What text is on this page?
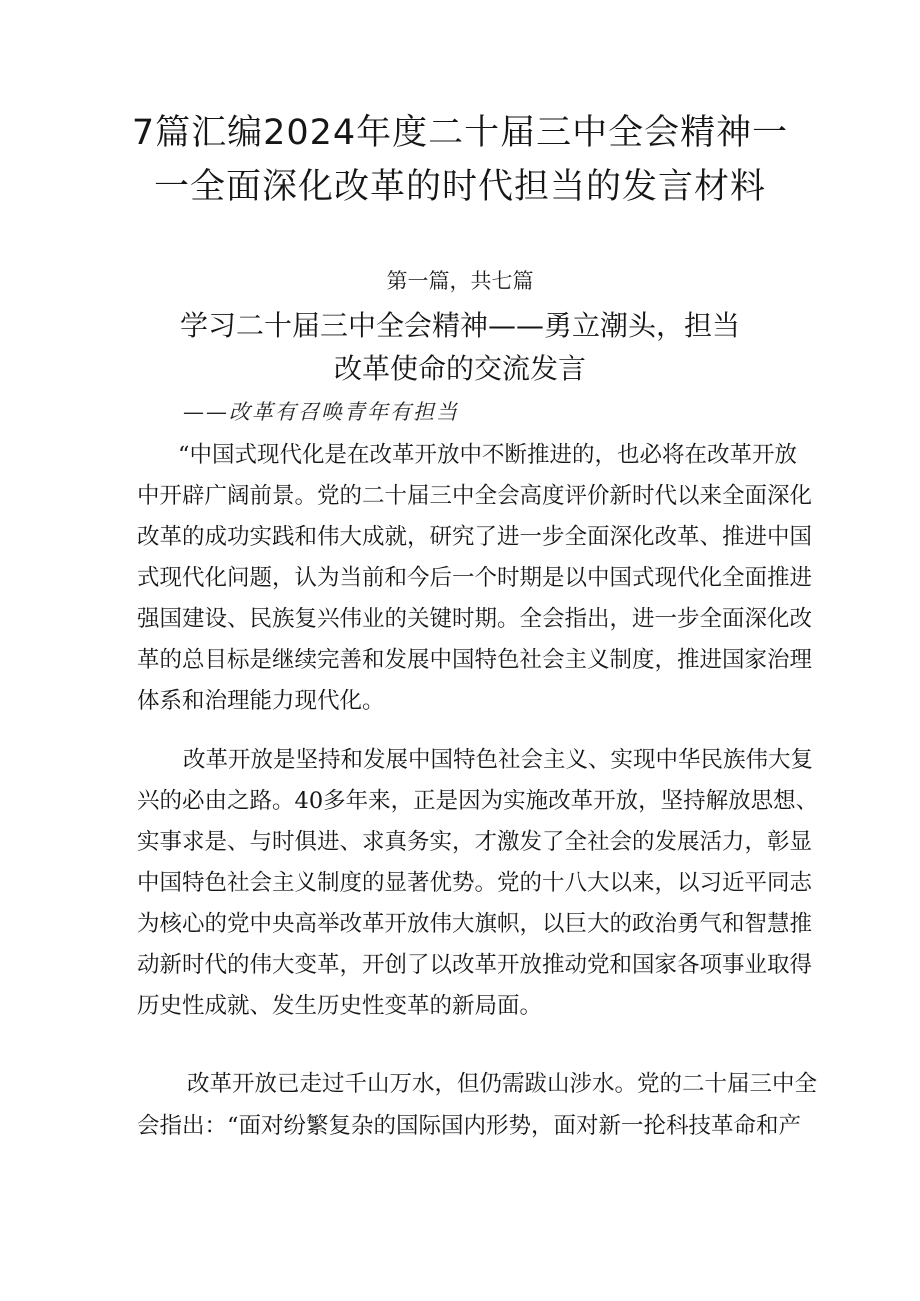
7篇汇编2024年度二十届三中全会精神一
一全面深化改革的时代担当的发言材料
第一篇，共七篇
学习二十届三中全会精神——勇立潮头，担当
改革使命的交流发言
——改革有召唤青年有担当
“中国式现代化是在改革开放中不断推进的，也必将在改革开放
中开辟广阔前景。党的二十届三中全会高度评价新时代以来全面深化
改革的成功实践和伟大成就，研究了进一步全面深化改革、推进中国
式现代化问题，认为当前和今后一个时期是以中国式现代化全面推进
强国建设、民族复兴伟业的关键时期。全会指出，进一步全面深化改
革的总目标是继续完善和发展中国特色社会主义制度，推进国家治理
体系和治理能力现代化。
改革开放是坚持和发展中国特色社会主义、实现中华民族伟大复
兴的必由之路。40多年来，正是因为实施改革开放，坚持解放思想、
实事求是、与时俱进、求真务实，才激发了全社会的发展活力，彰显
中国特色社会主义制度的显著优势。党的十八大以来，以习近平同志
为核心的党中央高举改革开放伟大旗帜，以巨大的政治勇气和智慧推
动新时代的伟大变革，开创了以改革开放推动党和国家各项事业取得
历史性成就、发生历史性变革的新局面。
改革开放已走过千山万水，但仍需跋山涉水。党的二十届三中全
会指出：“面对纷繁复杂的国际国内形势，面对新一抡科技革命和产
